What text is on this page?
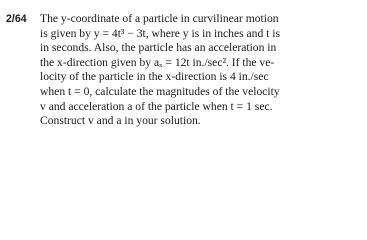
2/64	The y-coordinate of a particle in curvilinear motion
is given by y = 4t³ − 3t, where y is in inches and t is
in seconds. Also, the particle has an acceleration in
the x-direction given by aₓ = 12t in./sec². If the ve-
locity of the particle in the x-direction is 4 in./sec
when t = 0, calculate the magnitudes of the velocity
v and acceleration a of the particle when t = 1 sec.
Construct v and a in your solution.
